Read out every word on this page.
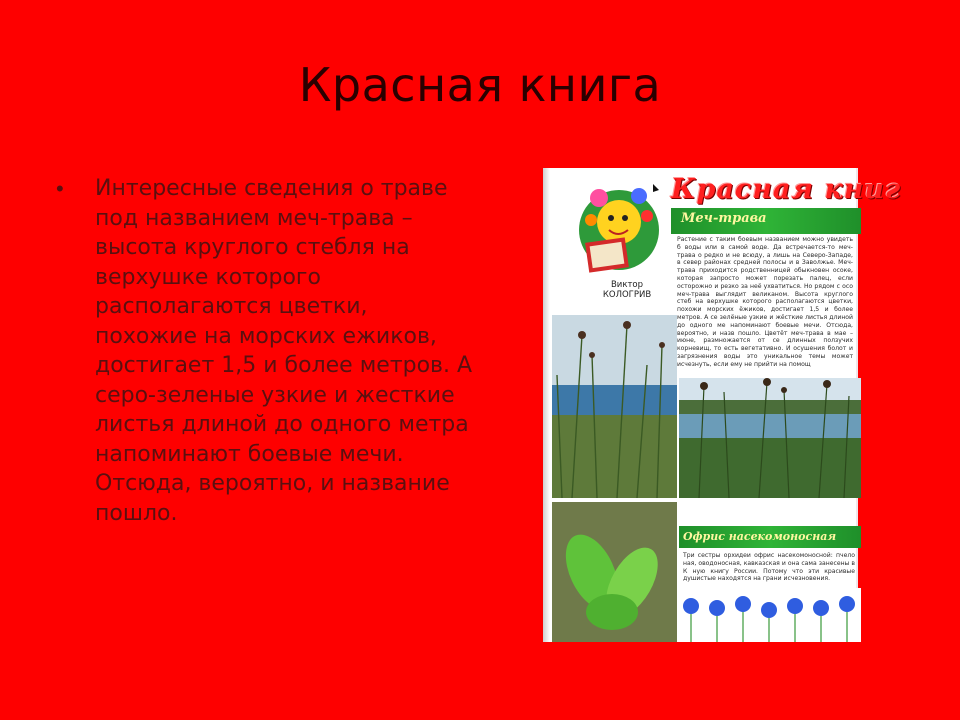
Красная книга
• Интересные сведения о траве под названием меч-трава – высота круглого стебля на верхушке которого располагаются цветки, похожие на морских ежиков, достигает 1,5 и более метров. А серо-зеленые узкие и жесткие листья длиной до одного метра напоминают боевые мечи. Отсюда, вероятно, и название пошло.
Виктор
КОЛОГРИВ
Красная книг
Меч-трава
Растение с таким боевым названием можно увидеть б воды или в самой воде. Да встречается-то меч-трава о редко и не всюду, а лишь на Северо-Западе, в север районах средней полосы и в Заволжье. Меч-трава приходится родственницей обыкновен осоке, которая запросто может порезать палец, если осторожно и резко за неё ухватиться. Но рядом с осо меч-трава выглядит великаном. Высота круглого стеб на верхушке которого располагаются цветки, похожи морских ёжиков, достигает 1,5 и более метров. А се зелёные узкие и жёсткие листья длиной до одного ме напоминают боевые мечи. Отсюда, вероятно, и назв пошло. Цветёт меч-трава в мае – июне, размножается от се длинных ползучих корневищ, то есть вегетативно. И осушения болот и загрязнения воды это уникальное темы может исчезнуть, если ему не прийти на помощ
Офрис насекомоносная
Три сестры орхидеи офрис насекомоносной: пчело ная, оводоносная, кавказская и она сама занесены в К ную книгу России. Потому что эти красивые душистые находятся на грани исчезновения.
